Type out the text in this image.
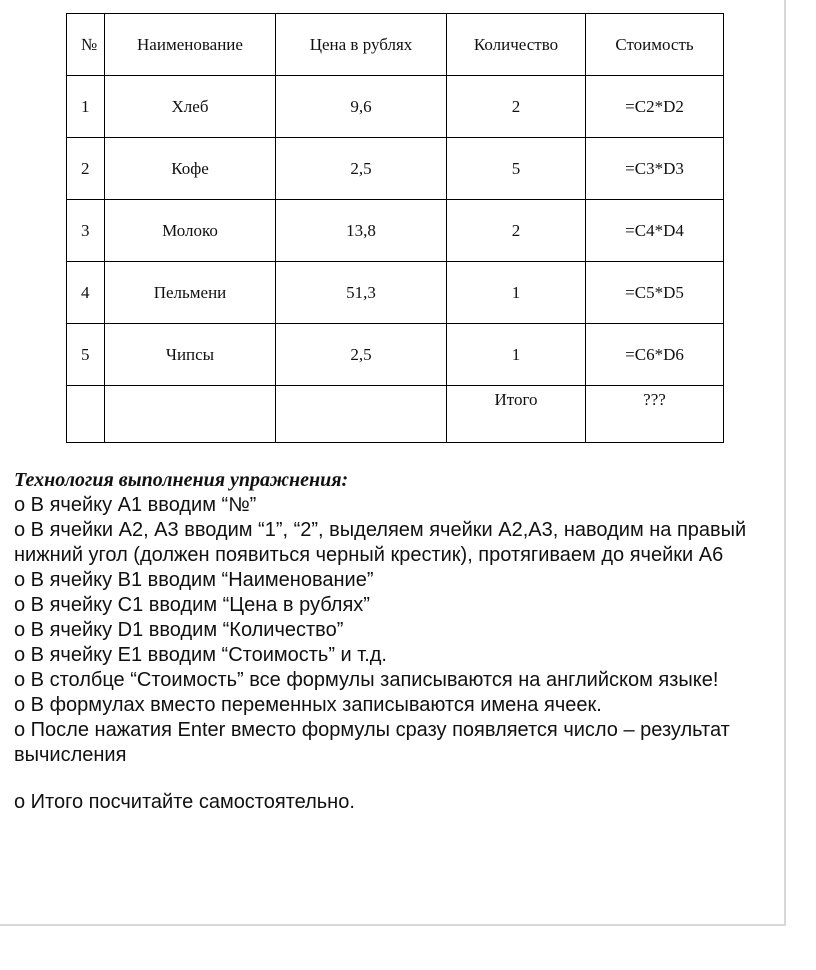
№	Наименование	Цена в рублях	Количество	Стоимость
1	Хлеб	9,6	2	=C2*D2
2	Кофе	2,5	5	=C3*D3
3	Молоко	13,8	2	=C4*D4
4	Пельмени	51,3	1	=C5*D5
5	Чипсы	2,5	1	=C6*D6
			Итого	???

Технология выполнения упражнения:

o В ячейку А1 вводим “№”

o В ячейки А2, А3 вводим “1”, “2”, выделяем ячейки А2,А3, наводим на правый нижний угол (должен появиться черный крестик), протягиваем до ячейки А6

o В ячейку В1 вводим “Наименование”

o В ячейку С1 вводим “Цена в рублях”

o В ячейку D1 вводим “Количество”

o В ячейку Е1 вводим “Стоимость” и т.д.

o В столбце “Стоимость” все формулы записываются на английском языке!

o В формулах вместо переменных записываются имена ячеек.

o После нажатия Enter вместо формулы сразу появляется число – результат вычисления

o Итого посчитайте самостоятельно.
